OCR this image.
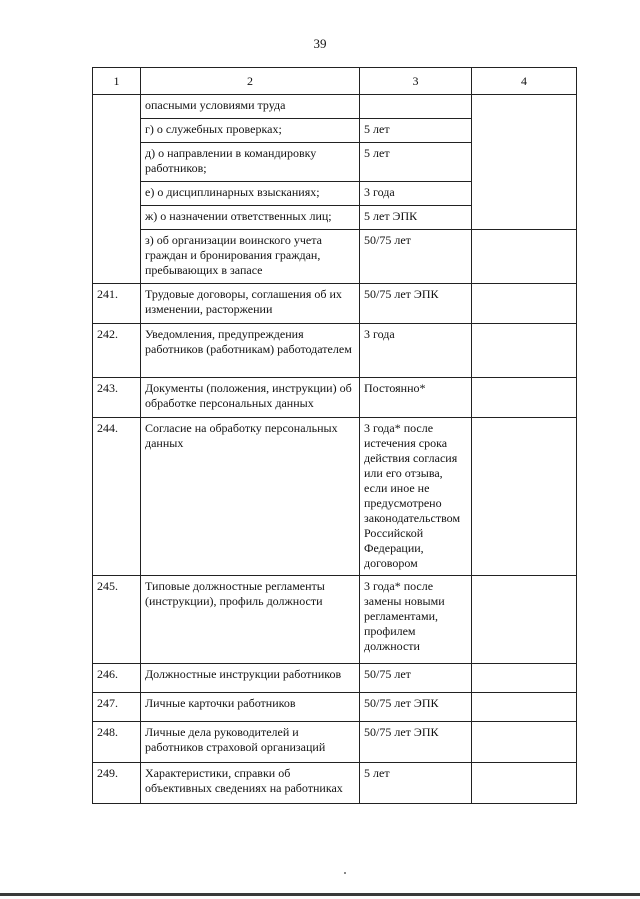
39
1	2	3	4
	опасными условиями труда		
	г) о служебных проверках;	5 лет	
	д) о направлении в командировку работников;	5 лет	
	е) о дисциплинарных взысканиях;	3 года	
	ж) о назначении ответственных лиц;	5 лет ЭПК	
	з) об организации воинского учета граждан и бронирования граждан, пребывающих в запасе	50/75 лет	
241.	Трудовые договоры, соглашения об их изменении, расторжении	50/75 лет ЭПК	
242.	Уведомления, предупреждения работников (работникам) работодателем	3 года	
243.	Документы (положения, инструкции) об обработке персональных данных	Постоянно*	
244.	Согласие на обработку персональных данных	3 года* после истечения срока действия согласия или его отзыва, если иное не предусмотрено законодательством Российской Федерации, договором	
245.	Типовые должностные регламенты (инструкции), профиль должности	3 года* после замены новыми регламентами, профилем должности	
246.	Должностные инструкции работников	50/75 лет	
247.	Личные карточки работников	50/75 лет ЭПК	
248.	Личные дела руководителей и работников страховой организаций	50/75 лет ЭПК	
249.	Характеристики, справки об объективных сведениях на работниках	5 лет	
